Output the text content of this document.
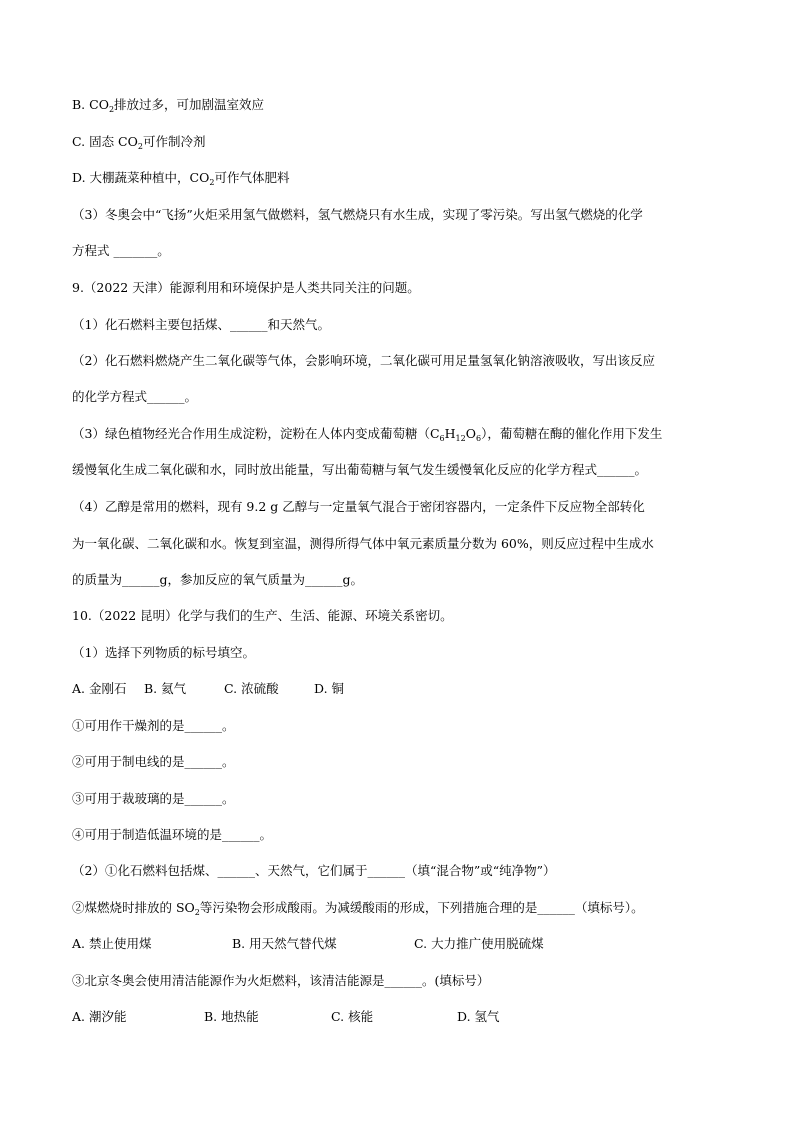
B. $CO_2$排放过多，可加剧温室效应
C. 固态 $CO_2$可作制冷剂
D. 大棚蔬菜种植中，$CO_2$可作气体肥料
（3）冬奥会中“飞扬”火炬采用氢气做燃料，氢气燃烧只有水生成，实现了零污染。写出氢气燃烧的化学
方程式 _______。
9.（2022 天津）能源利用和环境保护是人类共同关注的问题。
（1）化石燃料主要包括煤、______和天然气。
（2）化石燃料燃烧产生二氧化碳等气体，会影响环境，二氧化碳可用足量氢氧化钠溶液吸收，写出该反应
的化学方程式______。
（3）绿色植物经光合作用生成淀粉，淀粉在人体内变成葡萄糖$(C_6H_{12}O_6)$，葡萄糖在酶的催化作用下发生
缓慢氧化生成二氧化碳和水，同时放出能量，写出葡萄糖与氧气发生缓慢氧化反应的化学方程式______。
（4）乙醇是常用的燃料，现有 9.2 g 乙醇与一定量氧气混合于密闭容器内，一定条件下反应物全部转化
为一氧化碳、二氧化碳和水。恢复到室温，测得所得气体中氧元素质量分数为 60%，则反应过程中生成水
的质量为______g，参加反应的氧气质量为______g。
10.（2022 昆明）化学与我们的生产、生活、能源、环境关系密切。
（1）选择下列物质的标号填空。
A. 金刚石	B. 氦气	C. 浓硫酸	D. 铜
①可用作干燥剂的是______。
②可用于制电线的是______。
③可用于裁玻璃的是______。
④可用于制造低温环境的是______。
（2）①化石燃料包括煤、______、天然气，它们属于______（填“混合物”或“纯净物”）
②煤燃烧时排放的 $SO_2$等污染物会形成酸雨。为减缓酸雨的形成，下列措施合理的是______（填标号）。
A. 禁止使用煤	B. 用天然气替代煤	C. 大力推广使用脱硫煤
③北京冬奥会使用清洁能源作为火炬燃料，该清洁能源是______。(填标号）
A. 潮汐能	B. 地热能	C. 核能	D. 氢气
